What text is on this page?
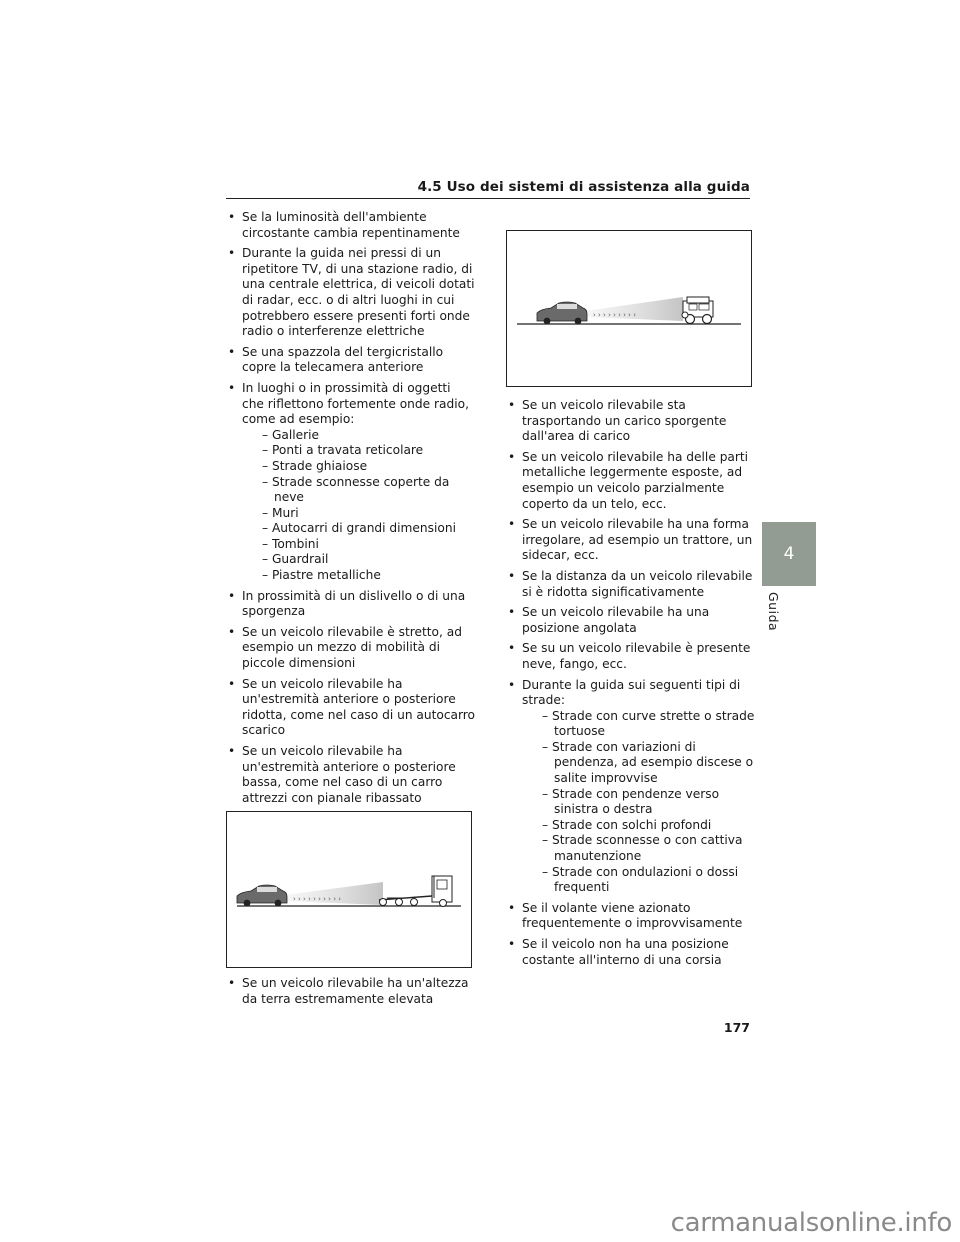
4.5 Uso dei sistemi di assistenza alla guida
• Se la luminosità dell'ambiente circostante cambia repentinamente
• Durante la guida nei pressi di un ripetitore TV, di una stazione radio, di una centrale elettrica, di veicoli dotati di radar, ecc. o di altri luoghi in cui potrebbero essere presenti forti onde radio o interferenze elettriche
• Se una spazzola del tergicristallo copre la telecamera anteriore
• In luoghi o in prossimità di oggetti che riflettono fortemente onde radio, come ad esempio:
– Gallerie
– Ponti a travata reticolare
– Strade ghiaiose
– Strade sconnesse coperte da neve
– Muri
– Autocarri di grandi dimensioni
– Tombini
– Guardrail
– Piastre metalliche
• In prossimità di un dislivello o di una sporgenza
• Se un veicolo rilevabile è stretto, ad esempio un mezzo di mobilità di piccole dimensioni
• Se un veicolo rilevabile ha un'estremità anteriore o posteriore ridotta, come nel caso di un autocarro scarico
• Se un veicolo rilevabile ha un'estremità anteriore o posteriore bassa, come nel caso di un carro attrezzi con pianale ribassato
› › › › › › › › ›
• Se un veicolo rilevabile sta trasportando un carico sporgente dall'area di carico
• Se un veicolo rilevabile ha delle parti metalliche leggermente esposte, ad esempio un veicolo parzialmente coperto da un telo, ecc.
• Se un veicolo rilevabile ha una forma irregolare, ad esempio un trattore, un sidecar, ecc.
• Se la distanza da un veicolo rilevabile si è ridotta significativamente
• Se un veicolo rilevabile ha una posizione angolata
• Se su un veicolo rilevabile è presente neve, fango, ecc.
• Durante la guida sui seguenti tipi di strade:
– Strade con curve strette o strade tortuose
– Strade con variazioni di pendenza, ad esempio discese o salite improvvise
– Strade con pendenze verso sinistra o destra
– Strade con solchi profondi
– Strade sconnesse o con cattiva manutenzione
– Strade con ondulazioni o dossi frequenti
• Se il volante viene azionato frequentemente o improvvisamente
• Se il veicolo non ha una posizione costante all'interno di una corsia
› › › › › › › › › ›
• Se un veicolo rilevabile ha un'altezza da terra estremamente elevata
4
Guida
177
carmanualsonline.info
